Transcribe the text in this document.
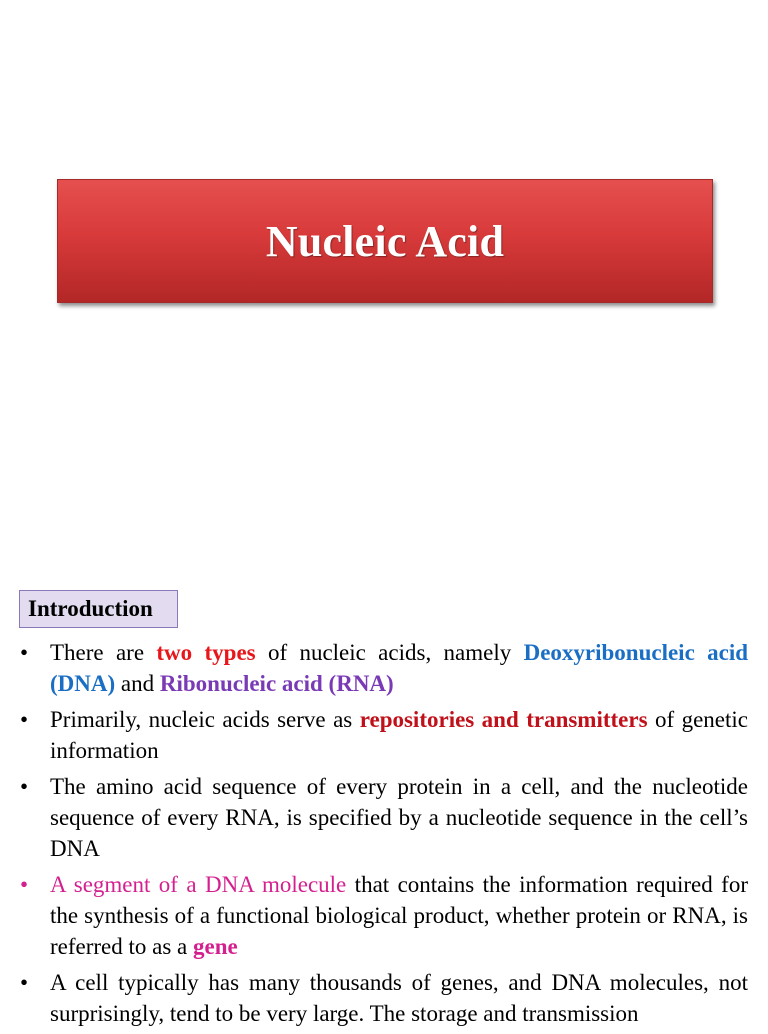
Nucleic Acid
Introduction
• There are two types of nucleic acids, namely Deoxyribonucleic acid (DNA) and Ribonucleic acid (RNA)
• Primarily, nucleic acids serve as repositories and transmitters of genetic information
• The amino acid sequence of every protein in a cell, and the nucleotide sequence of every RNA, is specified by a nucleotide sequence in the cell’s DNA
• A segment of a DNA molecule that contains the information required for the synthesis of a functional biological product, whether protein or RNA, is referred to as a gene
• A cell typically has many thousands of genes, and DNA molecules, not surprisingly, tend to be very large. The storage and transmission
